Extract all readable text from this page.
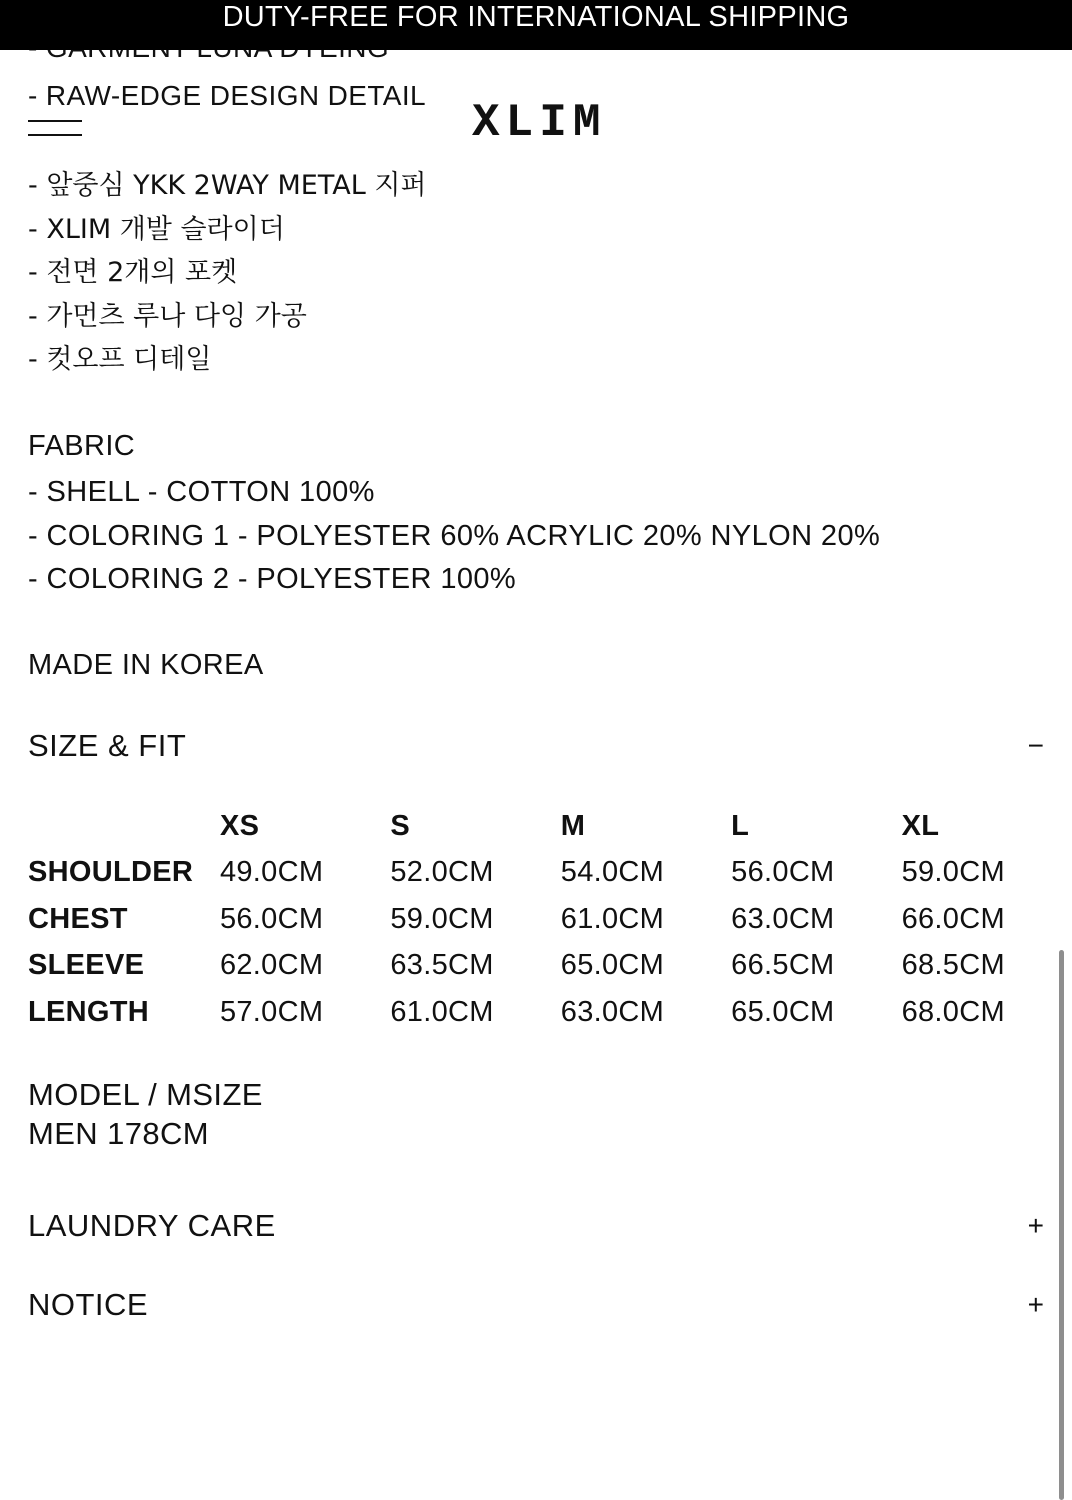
DUTY-FREE FOR INTERNATIONAL SHIPPING
- RAW-EDGE DESIGN DETAIL
XLIM
- 앞중심 YKK 2WAY METAL 지퍼
- XLIM 개발 슬라이더
- 전면 2개의 포켓
- 가먼츠 루나 다잉 가공
- 컷오프 디테일
FABRIC
- SHELL - COTTON 100%
- COLORING 1 - POLYESTER 60% ACRYLIC 20% NYLON 20%
- COLORING 2 - POLYESTER 100%
MADE IN KOREA
SIZE & FIT	−
	XS	S	M	L	XL
SHOULDER	49.0CM	52.0CM	54.0CM	56.0CM	59.0CM
CHEST	56.0CM	59.0CM	61.0CM	63.0CM	66.0CM
SLEEVE	62.0CM	63.5CM	65.0CM	66.5CM	68.5CM
LENGTH	57.0CM	61.0CM	63.0CM	65.0CM	68.0CM
MODEL / MSIZE
MEN 178CM
LAUNDRY CARE	+
NOTICE	+
